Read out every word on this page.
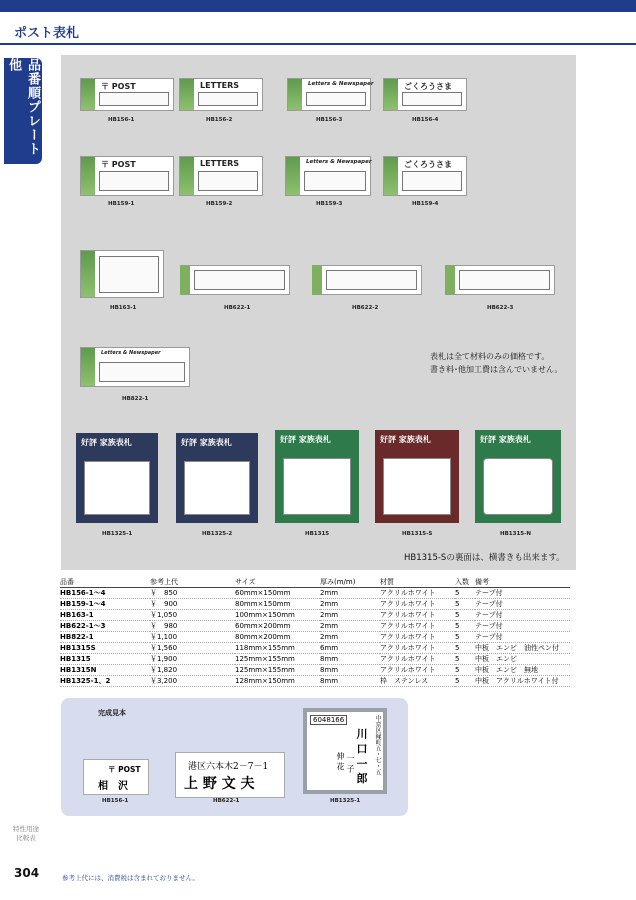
ポスト表札
品番順プレート他
〒 POST
HB156-1
LETTERS
HB156-2
Letters & Newspaper
HB156-3
ごくろうさま
HB156-4
〒 POST
HB159-1
LETTERS
HB159-2
Letters & Newspaper
HB159-3
ごくろうさま
HB159-4
HB163-1	HB622-1	HB622-2	HB622-3
Letters & Newspaper
HB822-1
表札は全て材料のみの価格です。
書き料･他加工費は含んでいません。
好評 家族表札
HB1325-1
好評 家族表札
HB1325-2
好評 家族表札
HB1315
好評 家族表札
HB1315-S
好評 家族表札
HB1315-N
HB1315-Sの裏面は、横書きも出来ます。
品番	参考上代	サイズ	厚み(m/m)	材質	入数	備考
HB156-1～4	￥　850	60mm×150mm	2mm	アクリルホワイト	5	テープ付
HB159-1～4	￥　900	80mm×150mm	2mm	アクリルホワイト	5	テープ付
HB163-1	￥1,050	100mm×150mm	2mm	アクリルホワイト	5	テープ付
HB622-1～3	￥　980	60mm×200mm	2mm	アクリルホワイト	5	テープ付
HB822-1	￥1,100	80mm×200mm	2mm	アクリルホワイト	5	テープ付
HB1315S	￥1,560	118mm×155mm	6mm	アクリルホワイト	5	中板　エンビ　油性ペン付
HB1315	￥1,900	125mm×155mm	8mm	アクリルホワイト	5	中板　エンビ
HB1315N	￥1,820	125mm×155mm	8mm	アクリルホワイト	5	中板　エンビ　無地
HB1325-1、2	￥3,200	128mm×150mm	8mm	枠　ステンレス	5	中板　アクリルホワイト付
完成見本
〒 POST
相　沢
HB156-1
港区六本木2－7－1
上 野 文 夫
HB622-1
6048166	中京区縁町五・七・五
川 口 一 郎
伸 花 一 子
HB1325-1
特性用途比較表
304	参考上代には、消費税は含まれておりません。
